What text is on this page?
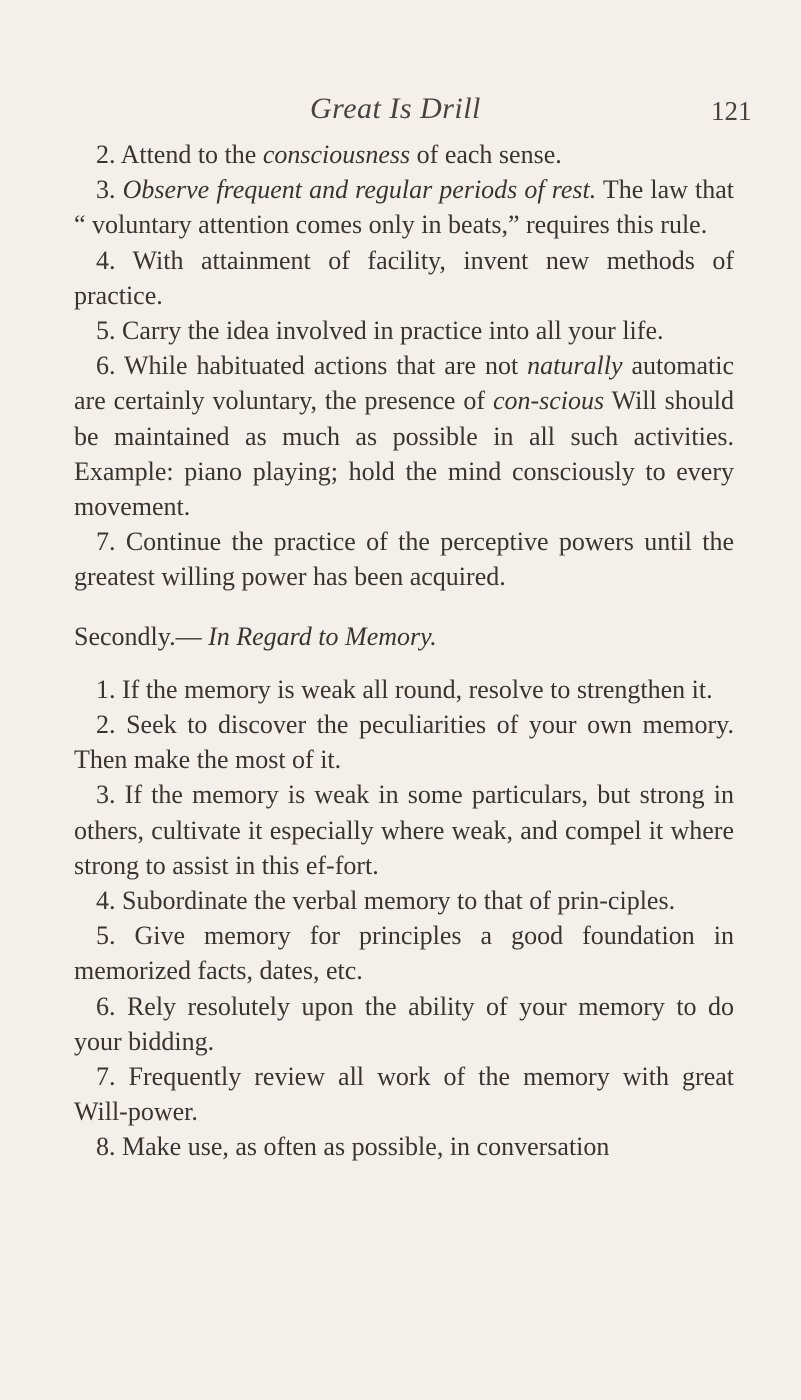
Great Is Drill	121

2. Attend to the consciousness of each sense.

3. Observe frequent and regular periods of rest. The law that “ voluntary attention comes only in beats,” requires this rule.

4. With attainment of facility, invent new methods of practice.

5. Carry the idea involved in practice into all your life.

6. While habituated actions that are not naturally automatic are certainly voluntary, the presence of con-scious Will should be maintained as much as possible in all such activities. Example: piano playing; hold the mind consciously to every movement.

7. Continue the practice of the perceptive powers until the greatest willing power has been acquired.

Secondly.— In Regard to Memory.

1. If the memory is weak all round, resolve to strengthen it.

2. Seek to discover the peculiarities of your own memory. Then make the most of it.

3. If the memory is weak in some particulars, but strong in others, cultivate it especially where weak, and compel it where strong to assist in this ef-fort.

4. Subordinate the verbal memory to that of prin-ciples.

5. Give memory for principles a good foundation in memorized facts, dates, etc.

6. Rely resolutely upon the ability of your memory to do your bidding.

7. Frequently review all work of the memory with great Will-power.

8. Make use, as often as possible, in conversation
